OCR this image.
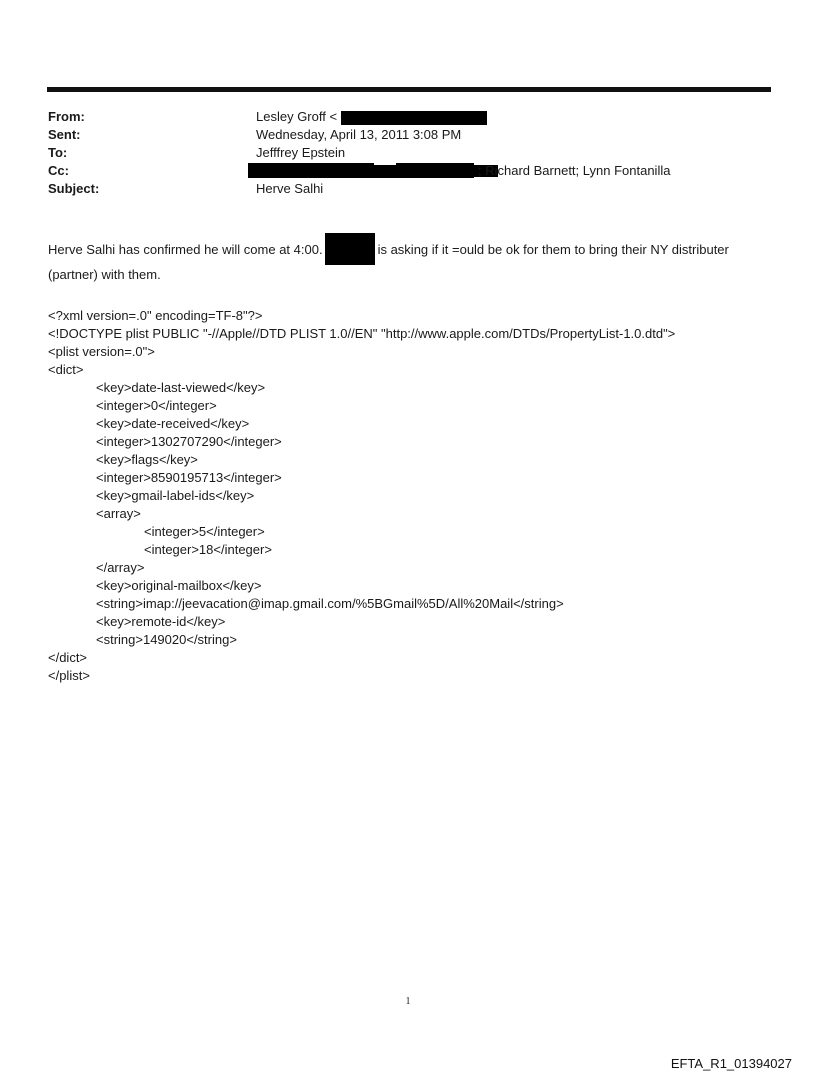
From:	Lesley Groff <
Sent:	Wednesday, April 13, 2011 3:08 PM
To:	Jefffrey Epstein
Cc:	; Richard Barnett; Lynn Fontanilla
Subject:	Herve Salhi
Herve Salhi has confirmed he will come at 4:00.	is asking if it =ould be ok for them to bring their NY distributer (partner) with them.
<?xml version=.0" encoding=TF-8"?>
<!DOCTYPE plist PUBLIC "-//Apple//DTD PLIST 1.0//EN" "http://www.apple.com/DTDs/PropertyList-1.0.dtd">
<plist version=.0">
<dict>
<key>date-last-viewed</key>
<integer>0</integer>
<key>date-received</key>
<integer>1302707290</integer>
<key>flags</key>
<integer>8590195713</integer>
<key>gmail-label-ids</key>
<array>
<integer>5</integer>
<integer>18</integer>
</array>
<key>original-mailbox</key>
<string>imap://jeevacation@imap.gmail.com/%5BGmail%5D/All%20Mail</string>
<key>remote-id</key>
<string>149020</string>
</dict>
</plist>
1
EFTA_R1_01394027
